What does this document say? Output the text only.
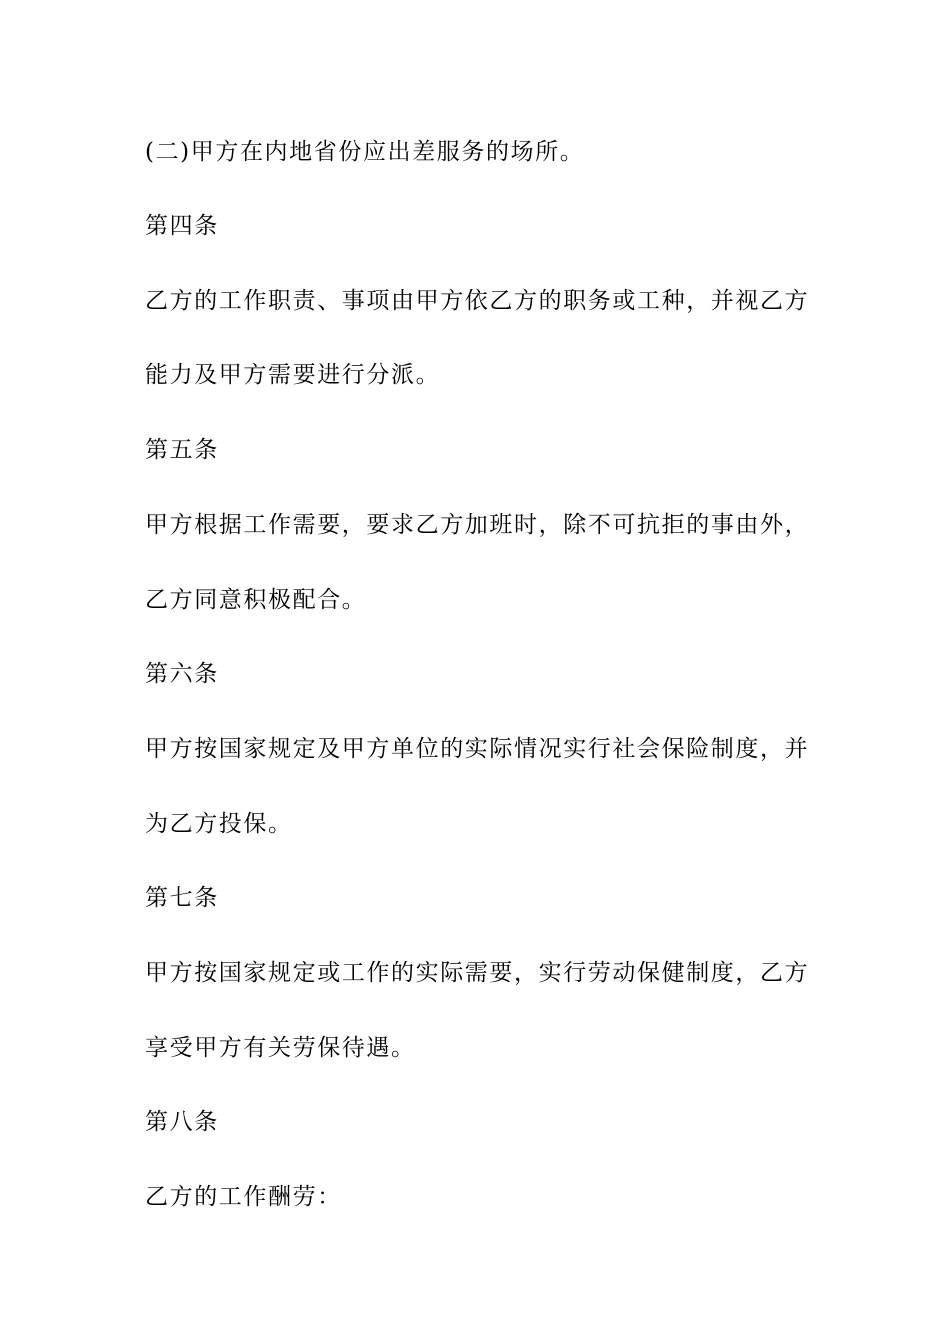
(二)甲方在内地省份应出差服务的场所。
第四条
乙方的工作职责、事项由甲方依乙方的职务或工种，并视乙方
能力及甲方需要进行分派。
第五条
甲方根据工作需要，要求乙方加班时，除不可抗拒的事由外，
乙方同意积极配合。
第六条
甲方按国家规定及甲方单位的实际情况实行社会保险制度，并
为乙方投保。
第七条
甲方按国家规定或工作的实际需要，实行劳动保健制度，乙方
享受甲方有关劳保待遇。
第八条
乙方的工作酬劳：
